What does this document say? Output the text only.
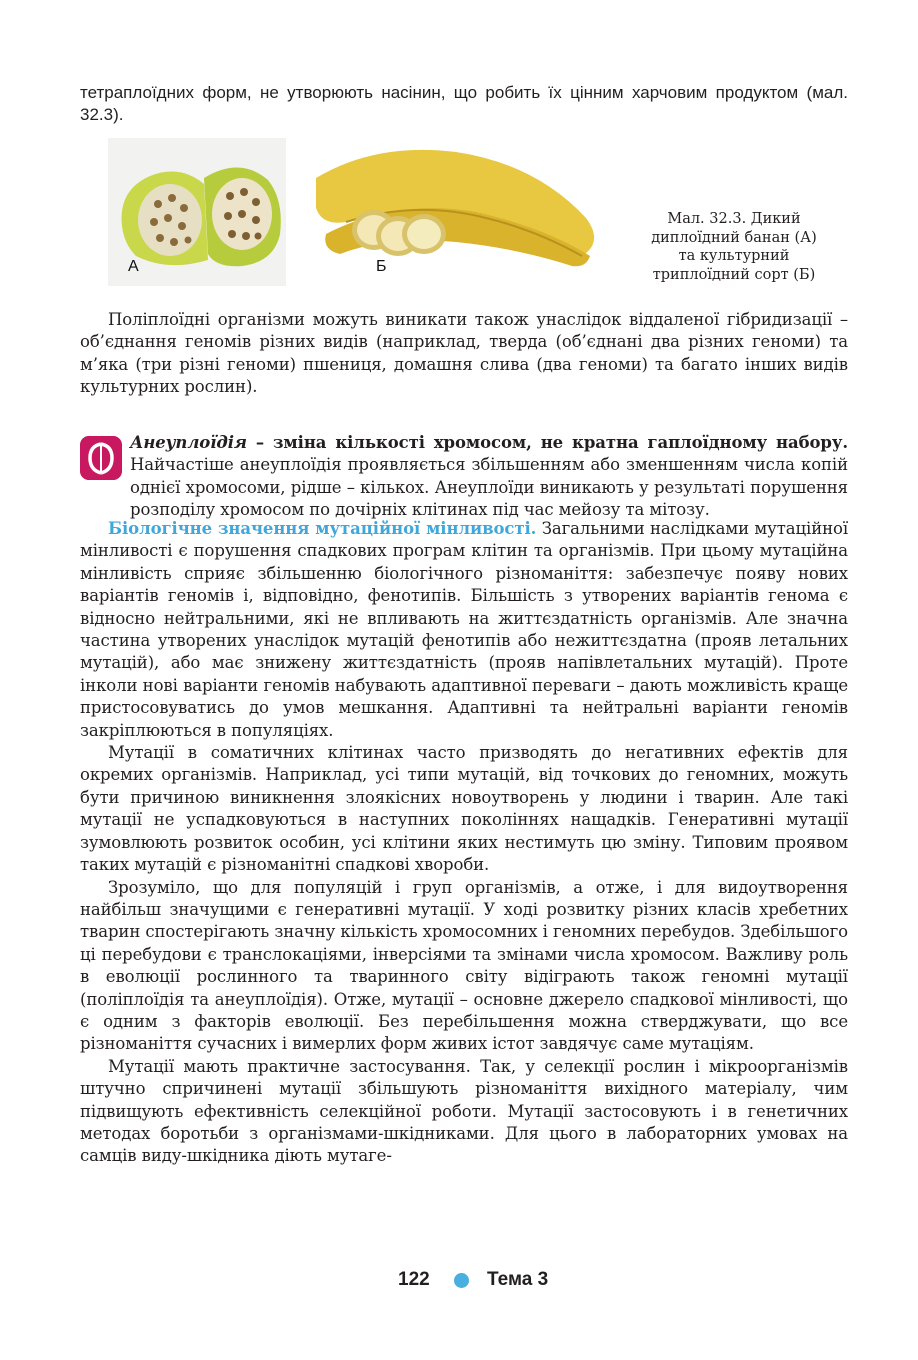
тетраплоїдних форм, не утворюють насінин, що робить їх цінним харчовим продуктом (мал. 32.3).
А	Б
Мал. 32.3. Дикий
диплоїдний банан (А)
та культурний
триплоїдний сорт (Б)

Поліплоїдні організми можуть виникати також унаслідок віддаленої гібридизації – об’єднання геномів різних видів (наприклад, тверда (об’єднані два різних геноми) та м’яка (три різні геноми) пшениця, домашня слива (два геноми) та багато інших видів культурних рослин).

Анеуплоїдія – зміна кількості хромосом, не кратна гаплоїдному набору. Найчастіше анеуплоїдія проявляється збільшенням або зменшенням числа копій однієї хромосоми, рідше – кількох. Анеуплоїди виникають у результаті порушення розподілу хромосом по дочірніх клітинах під час мейозу та мітозу.

Біологічне значення мутаційної мінливості. Загальними наслідками мутаційної мінливості є порушення спадкових програм клітин та організмів. При цьому мутаційна мінливість сприяє збільшенню біологічного різноманіття: забезпечує появу нових варіантів геномів і, відповідно, фенотипів. Більшість з утворених варіантів генома є відносно нейтральними, які не впливають на життєздатність організмів. Але значна частина утворених унаслідок мутацій фенотипів або нежиттєздатна (прояв летальних мутацій), або має знижену життєздатність (прояв напівлетальних мутацій). Проте інколи нові варіанти геномів набувають адаптивної переваги – дають можливість краще пристосовуватись до умов мешкання. Адаптивні та нейтральні варіанти геномів закріплюються в популяціях.

Мутації в соматичних клітинах часто призводять до негативних ефектів для окремих організмів. Наприклад, усі типи мутацій, від точкових до геномних, можуть бути причиною виникнення злоякісних новоутворень у людини і тварин. Але такі мутації не успадковуються в наступних поколіннях нащадків. Генеративні мутації зумовлюють розвиток особин, усі клітини яких нестимуть цю зміну. Типовим проявом таких мутацій є різноманітні спадкові хвороби.

Зрозуміло, що для популяцій і груп організмів, а отже, і для видоутворення найбільш значущими є генеративні мутації. У ході розвитку різних класів хребетних тварин спостерігають значну кількість хромосомних і геномних перебудов. Здебільшого ці перебудови є транслокаціями, інверсіями та змінами числа хромосом. Важливу роль в еволюції рослинного та тваринного світу відіграють також геномні мутації (поліплоїдія та анеуплоїдія). Отже, мутації – основне джерело спадкової мінливості, що є одним з факторів еволюції. Без перебільшення можна стверджувати, що все різноманіття сучасних і вимерлих форм живих істот завдячує саме мутаціям.

Мутації мають практичне застосування. Так, у селекції рослин і мікроорганізмів штучно спричинені мутації збільшують різноманіття вихідного матеріалу, чим підвищують ефективність селекційної роботи. Мутації застосовують і в генетичних методах боротьби з організмами-шкідниками. Для цього в лабораторних умовах на самців виду-шкідника діють мутаге-

122	Тема 3
